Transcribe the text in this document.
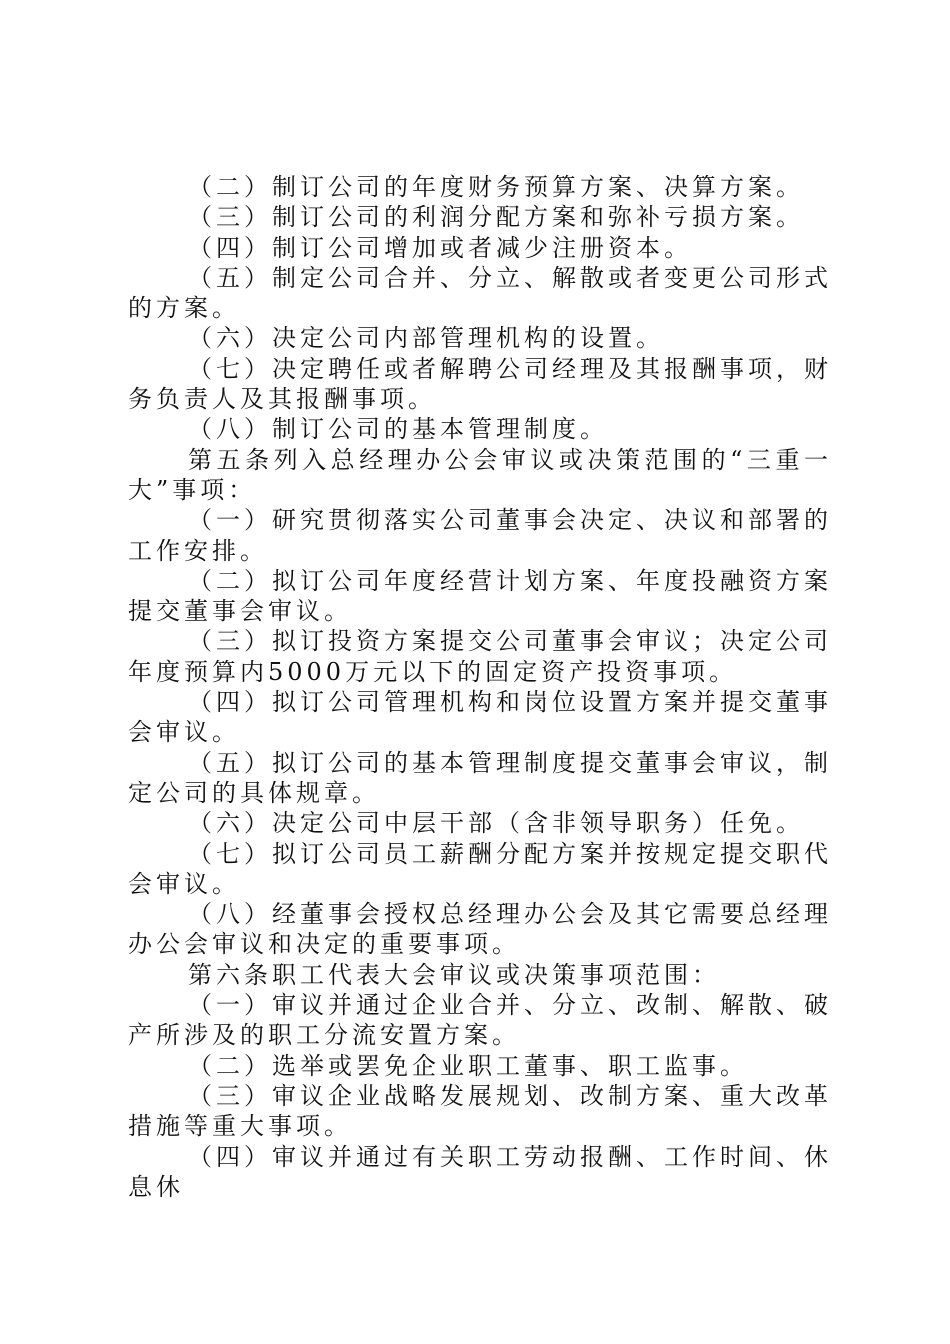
（二）制订公司的年度财务预算方案、决算方案。

（三）制订公司的利润分配方案和弥补亏损方案。

（四）制订公司增加或者减少注册资本。

（五）制定公司合并、分立、解散或者变更公司形式的方案。

（六）决定公司内部管理机构的设置。

（七）决定聘任或者解聘公司经理及其报酬事项，财务负责人及其报酬事项。

（八）制订公司的基本管理制度。

第五条列入总经理办公会审议或决策范围的“三重一大”事项：

（一）研究贯彻落实公司董事会决定、决议和部署的工作安排。

（二）拟订公司年度经营计划方案、年度投融资方案提交董事会审议。

（三）拟订投资方案提交公司董事会审议；决定公司年度预算内5000万元以下的固定资产投资事项。

（四）拟订公司管理机构和岗位设置方案并提交董事会审议。

（五）拟订公司的基本管理制度提交董事会审议，制定公司的具体规章。

（六）决定公司中层干部（含非领导职务）任免。

（七）拟订公司员工薪酬分配方案并按规定提交职代会审议。

（八）经董事会授权总经理办公会及其它需要总经理办公会审议和决定的重要事项。

第六条职工代表大会审议或决策事项范围：

（一）审议并通过企业合并、分立、改制、解散、破产所涉及的职工分流安置方案。

（二）选举或罢免企业职工董事、职工监事。

（三）审议企业战略发展规划、改制方案、重大改革措施等重大事项。

（四）审议并通过有关职工劳动报酬、工作时间、休息休
